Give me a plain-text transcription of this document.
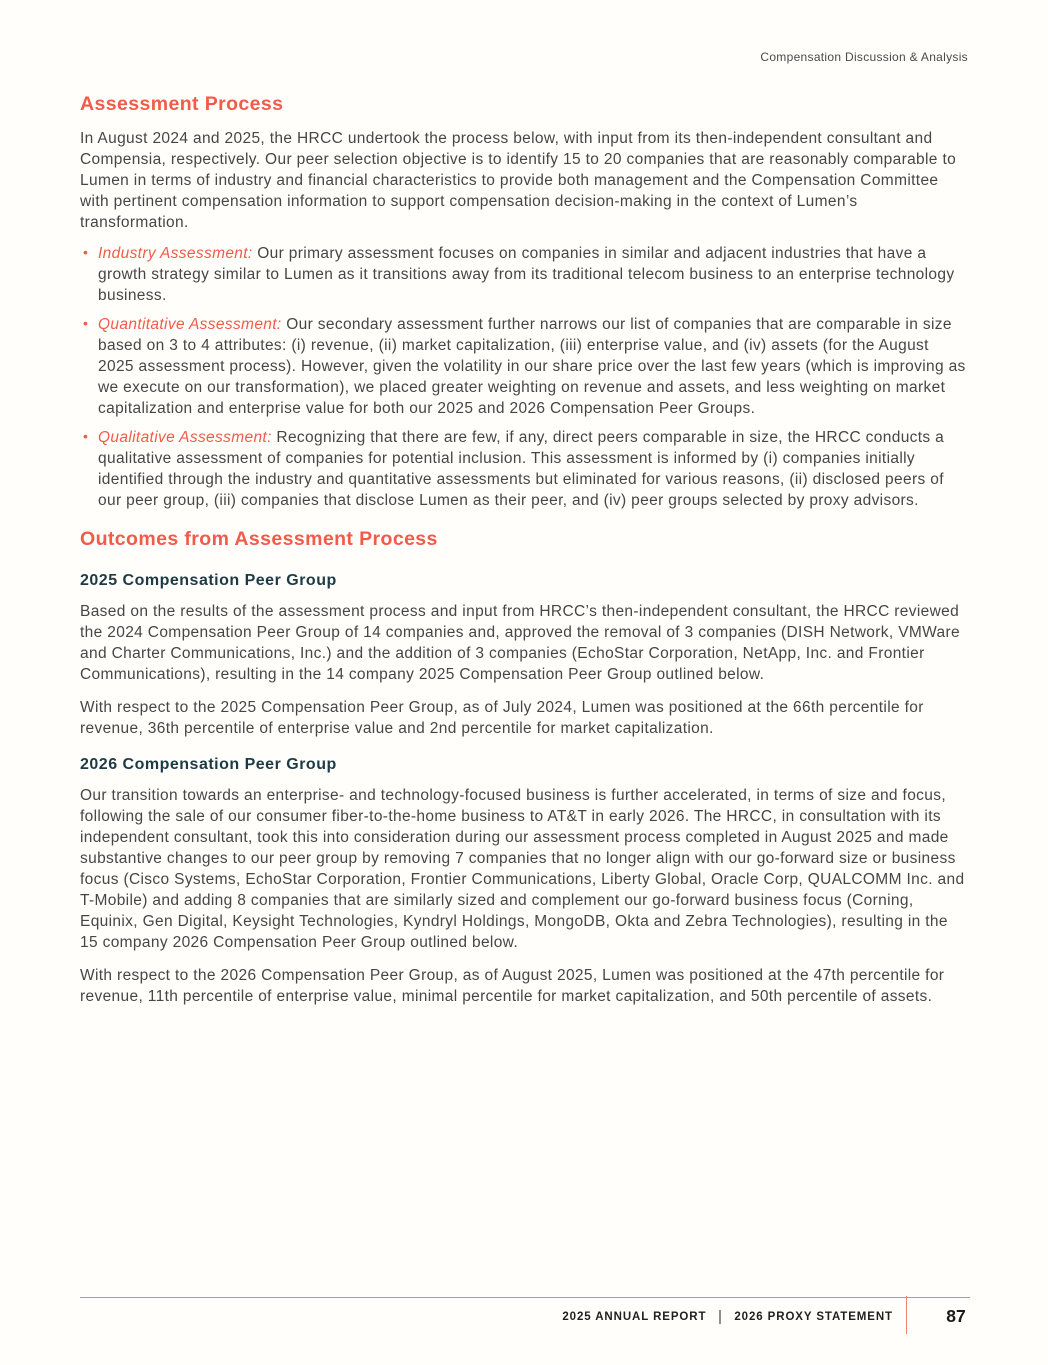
Compensation Discussion & Analysis
Assessment Process

In August 2024 and 2025, the HRCC undertook the process below, with input from its then-independent consultant and Compensia, respectively. Our peer selection objective is to identify 15 to 20 companies that are reasonably comparable to Lumen in terms of industry and financial characteristics to provide both management and the Compensation Committee with pertinent compensation information to support compensation decision-making in the context of Lumen’s transformation.

• Industry Assessment: Our primary assessment focuses on companies in similar and adjacent industries that have a growth strategy similar to Lumen as it transitions away from its traditional telecom business to an enterprise technology business.
• Quantitative Assessment: Our secondary assessment further narrows our list of companies that are comparable in size based on 3 to 4 attributes: (i) revenue, (ii) market capitalization, (iii) enterprise value, and (iv) assets (for the August 2025 assessment process). However, given the volatility in our share price over the last few years (which is improving as we execute on our transformation), we placed greater weighting on revenue and assets, and less weighting on market capitalization and enterprise value for both our 2025 and 2026 Compensation Peer Groups.
• Qualitative Assessment: Recognizing that there are few, if any, direct peers comparable in size, the HRCC conducts a qualitative assessment of companies for potential inclusion. This assessment is informed by (i) companies initially identified through the industry and quantitative assessments but eliminated for various reasons, (ii) disclosed peers of our peer group, (iii) companies that disclose Lumen as their peer, and (iv) peer groups selected by proxy advisors.
Outcomes from Assessment Process
2025 Compensation Peer Group

Based on the results of the assessment process and input from HRCC’s then-independent consultant, the HRCC reviewed the 2024 Compensation Peer Group of 14 companies and, approved the removal of 3 companies (DISH Network, VMWare and Charter Communications, Inc.) and the addition of 3 companies (EchoStar Corporation, NetApp, Inc. and Frontier Communications), resulting in the 14 company 2025 Compensation Peer Group outlined below.

With respect to the 2025 Compensation Peer Group, as of July 2024, Lumen was positioned at the 66th percentile for revenue, 36th percentile of enterprise value and 2nd percentile for market capitalization.

2026 Compensation Peer Group

Our transition towards an enterprise- and technology-focused business is further accelerated, in terms of size and focus, following the sale of our consumer fiber-to-the-home business to AT&T in early 2026. The HRCC, in consultation with its independent consultant, took this into consideration during our assessment process completed in August 2025 and made substantive changes to our peer group by removing 7 companies that no longer align with our go-forward size or business focus (Cisco Systems, EchoStar Corporation, Frontier Communications, Liberty Global, Oracle Corp, QUALCOMM Inc. and T-Mobile) and adding 8 companies that are similarly sized and complement our go-forward business focus (Corning, Equinix, Gen Digital, Keysight Technologies, Kyndryl Holdings, MongoDB, Okta and Zebra Technologies), resulting in the 15 company 2026 Compensation Peer Group outlined below.

With respect to the 2026 Compensation Peer Group, as of August 2025, Lumen was positioned at the 47th percentile for revenue, 11th percentile of enterprise value, minimal percentile for market capitalization, and 50th percentile of assets.

2025 ANNUAL REPORT 2026 PROXY STATEMENT	87
